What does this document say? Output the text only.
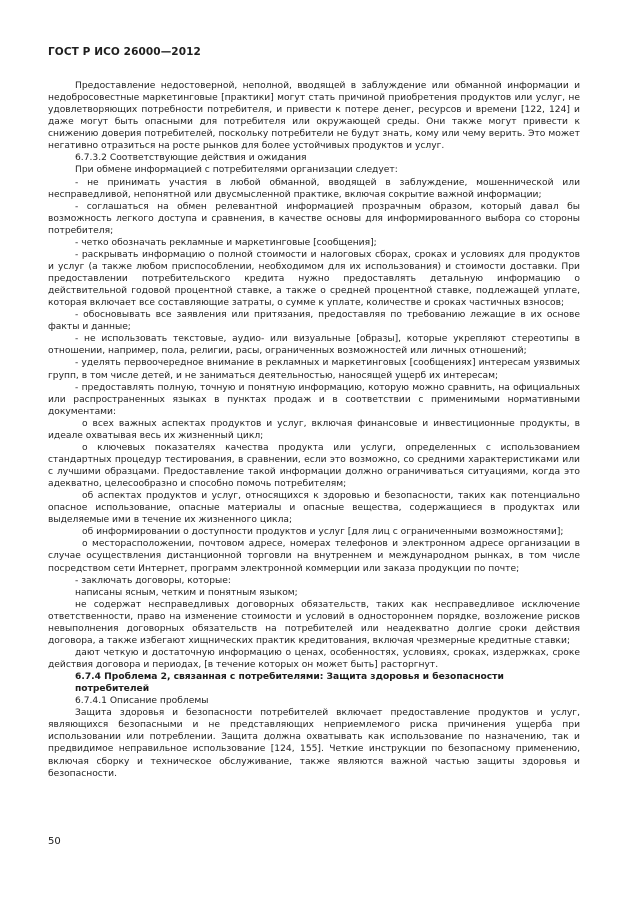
ГОСТ Р ИСО 26000—2012

Предоставление недостоверной, неполной, вводящей в заблуждение или обманной информации и недобросовестные маркетинговые [практики] могут стать причиной приобретения продуктов или услуг, не удовлетворяющих потребности потребителя, и привести к потере денег, ресурсов и времени [122, 124] и даже могут быть опасными для потребителя или окружающей среды. Они также могут привести к снижению доверия потребителей, поскольку потребители не будут знать, кому или чему верить. Это может негативно отразиться на росте рынков для более устойчивых продуктов и услуг.

6.7.3.2 Соответствующие действия и ожидания

При обмене информацией с потребителями организации следует:

- не принимать участия в любой обманной, вводящей в заблуждение, мошеннической или несправедливой, непонятной или двусмысленной практике, включая сокрытие важной информации;

- соглашаться на обмен релевантной информацией прозрачным образом, который давал бы возможность легкого доступа и сравнения, в качестве основы для информированного выбора со стороны потребителя;

- четко обозначать рекламные и маркетинговые [сообщения];

- раскрывать информацию о полной стоимости и налоговых сборах, сроках и условиях для продуктов и услуг (а также любом приспособлении, необходимом для их использования) и стоимости доставки. При предоставлении потребительского кредита нужно предоставлять детальную информацию о действительной годовой процентной ставке, а также о средней процентной ставке, подлежащей уплате, которая включает все составляющие затраты, о сумме к уплате, количестве и сроках частичных взносов;

- обосновывать все заявления или притязания, предоставляя по требованию лежащие в их основе факты и данные;

- не использовать текстовые, аудио- или визуальные [образы], которые укрепляют стереотипы в отношении, например, пола, религии, расы, ограниченных возможностей или личных отношений;

- уделять первоочередное внимание в рекламных и маркетинговых [сообщениях] интересам уязвимых групп, в том числе детей, и не заниматься деятельностью, наносящей ущерб их интересам;

- предоставлять полную, точную и понятную информацию, которую можно сравнить, на официальных или распространенных языках в пунктах продаж и в соответствии с применимыми нормативными документами:

о всех важных аспектах продуктов и услуг, включая финансовые и инвестиционные продукты, в идеале охватывая весь их жизненный цикл;

о ключевых показателях качества продукта или услуги, определенных с использованием стандартных процедур тестирования, в сравнении, если это возможно, со средними характеристиками или с лучшими образцами. Предоставление такой информации должно ограничиваться ситуациями, когда это адекватно, целесообразно и способно помочь потребителям;

об аспектах продуктов и услуг, относящихся к здоровью и безопасности, таких как потенциально опасное использование, опасные материалы и опасные вещества, содержащиеся в продуктах или выделяемые ими в течение их жизненного цикла;

об информировании о доступности продуктов и услуг [для лиц с ограниченными возможностями];

о месторасположении, почтовом адресе, номерах телефонов и электронном адресе организации в случае осуществления дистанционной торговли на внутреннем и международном рынках, в том числе посредством сети Интернет, программ электронной коммерции или заказа продукции по почте;

- заключать договоры, которые:

написаны ясным, четким и понятным языком;

не содержат несправедливых договорных обязательств, таких как несправедливое исключение ответственности, право на изменение стоимости и условий в одностороннем порядке, возложение рисков невыполнения договорных обязательств на потребителей или неадекватно долгие сроки действия договора, а также избегают хищнических практик кредитования, включая чрезмерные кредитные ставки;

дают четкую и достаточную информацию о ценах, особенностях, условиях, сроках, издержках, сроке действия договора и периодах, [в течение которых он может быть] расторгнут.

6.7.4 Проблема 2, связанная с потребителями: Защита здоровья и безопасности потребителей

6.7.4.1 Описание проблемы

Защита здоровья и безопасности потребителей включает предоставление продуктов и услуг, являющихся безопасными и не представляющих неприемлемого риска причинения ущерба при использовании или потреблении. Защита должна охватывать как использование по назначению, так и предвидимое неправильное использование [124, 155]. Четкие инструкции по безопасному применению, включая сборку и техническое обслуживание, также являются важной частью защиты здоровья и безопасности.

50
